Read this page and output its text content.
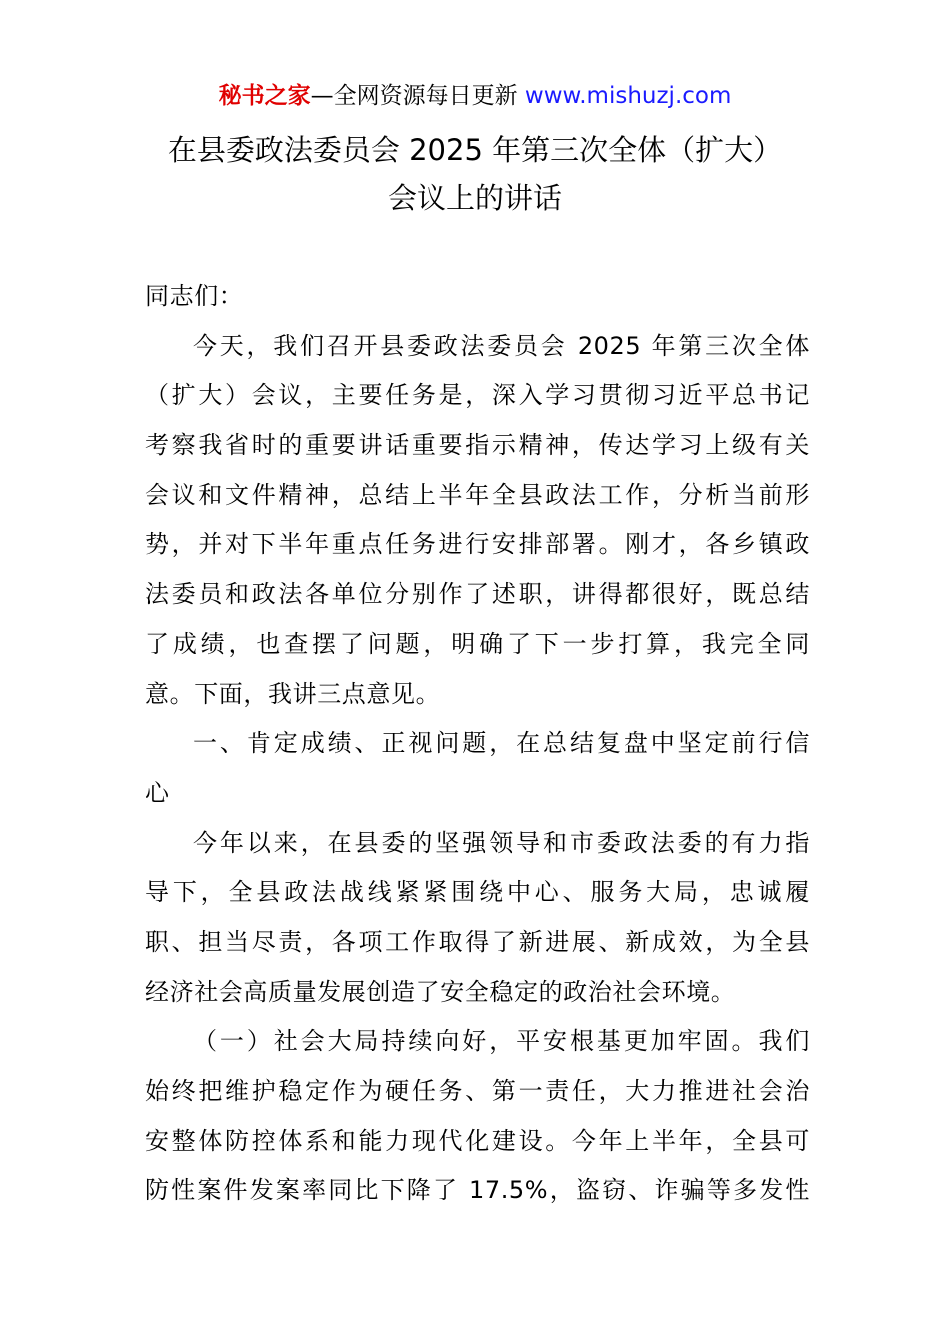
秘书之家—全网资源每日更新 www.mishuzj.com
在县委政法委员会 2025 年第三次全体（扩大）
会议上的讲话
同志们：
今天，我们召开县委政法委员会 2025 年第三次全体
（扩大）会议，主要任务是，深入学习贯彻习近平总书记
考察我省时的重要讲话重要指示精神，传达学习上级有关
会议和文件精神，总结上半年全县政法工作，分析当前形
势，并对下半年重点任务进行安排部署。刚才，各乡镇政
法委员和政法各单位分别作了述职，讲得都很好，既总结
了成绩，也查摆了问题，明确了下一步打算，我完全同
意。下面，我讲三点意见。
一、肯定成绩、正视问题，在总结复盘中坚定前行信
心
今年以来，在县委的坚强领导和市委政法委的有力指
导下，全县政法战线紧紧围绕中心、服务大局，忠诚履
职、担当尽责，各项工作取得了新进展、新成效，为全县
经济社会高质量发展创造了安全稳定的政治社会环境。
（一）社会大局持续向好，平安根基更加牢固。我们
始终把维护稳定作为硬任务、第一责任，大力推进社会治
安整体防控体系和能力现代化建设。今年上半年，全县可
防性案件发案率同比下降了 17.5%，盗窃、诈骗等多发性
